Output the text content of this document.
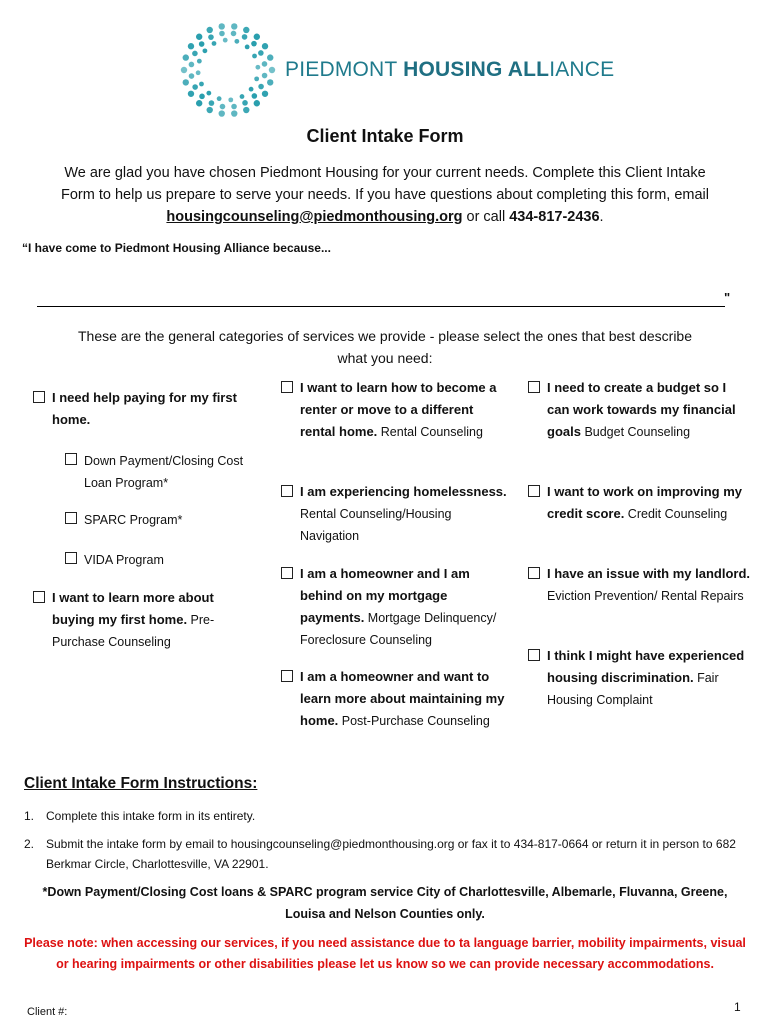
PIEDMONT HOUSING ALLIANCE
Client Intake Form
We are glad you have chosen Piedmont Housing for your current needs. Complete this Client Intake Form to help us prepare to serve your needs. If you have questions about completing this form, email housingcounseling@piedmonthousing.org or call 434-817-2436.
“I have come to Piedmont Housing Alliance because...
"
These are the general categories of services we provide - please select the ones that best describe what you need:
I need help paying for my first home.
Down Payment/Closing Cost Loan Program*
SPARC Program*
VIDA Program
I want to learn more about buying my first home. Pre-Purchase Counseling
I want to learn how to become a renter or move to a different rental home. Rental Counseling
I am experiencing homelessness. Rental Counseling/Housing Navigation
I am a homeowner and I am behind on my mortgage payments. Mortgage Delinquency/ Foreclosure Counseling
I am a homeowner and want to learn more about maintaining my home. Post-Purchase Counseling
I need to create a budget so I can work towards my financial goals Budget Counseling
I want to work on improving my credit score. Credit Counseling
I have an issue with my landlord. Eviction Prevention/ Rental Repairs
I think I might have experienced housing discrimination. Fair Housing Complaint
Client Intake Form Instructions:
1. Complete this intake form in its entirety.
2. Submit the intake form by email to housingcounseling@piedmonthousing.org or fax it to 434-817-0664 or return it in person to 682 Berkmar Circle, Charlottesville, VA 22901.
*Down Payment/Closing Cost loans & SPARC program service City of Charlottesville, Albemarle, Fluvanna, Greene, Louisa and Nelson Counties only.
Please note: when accessing our services, if you need assistance due to ta language barrier, mobility impairments, visual or hearing impairments or other disabilities please let us know so we can provide necessary accommodations.
Client #:	1
